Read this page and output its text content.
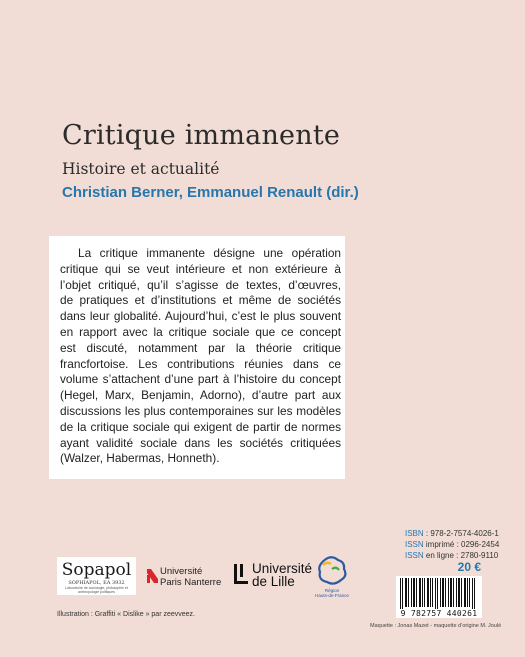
Critique immanente
Histoire et actualité
Christian Berner, Emmanuel Renault (dir.)
La critique immanente désigne une opération
critique qui se veut intérieure et non extérieure à
l’objet critiqué, qu’il s’agisse de textes, d’œuvres,
de pratiques et d’institutions et même de sociétés
dans leur globalité. Aujourd’hui, c’est le plus souvent
en rapport avec la critique sociale que ce concept
est discuté, notamment par la théorie critique
francfortoise. Les contributions réunies dans ce
volume s’attachent d’une part à l’histoire du concept
(Hegel, Marx, Benjamin, Adorno), d’autre part aux
discussions les plus contemporaines sur les modèles
de la critique sociale qui exigent de partir de normes
ayant validité sociale dans les sociétés critiquées
(Walzer, Habermas, Honneth).
ISBN : 978-2-7574-4026-1
ISSN imprimé : 0296-2454
ISSN en ligne : 2780-9110
20 €
9 782757 440261
Sopapol
SOPHIAPOL, EA 3932
Laboratoire de sociologie, philosophie et anthropologie politiques
Université
Paris Nanterre
Université
de Lille
Région
Hauts-de-France
Illustration : Graffiti « Dislike » par zeevveez.
Maquette : Jonas Mazet - maquette d’origine M. Joulé
